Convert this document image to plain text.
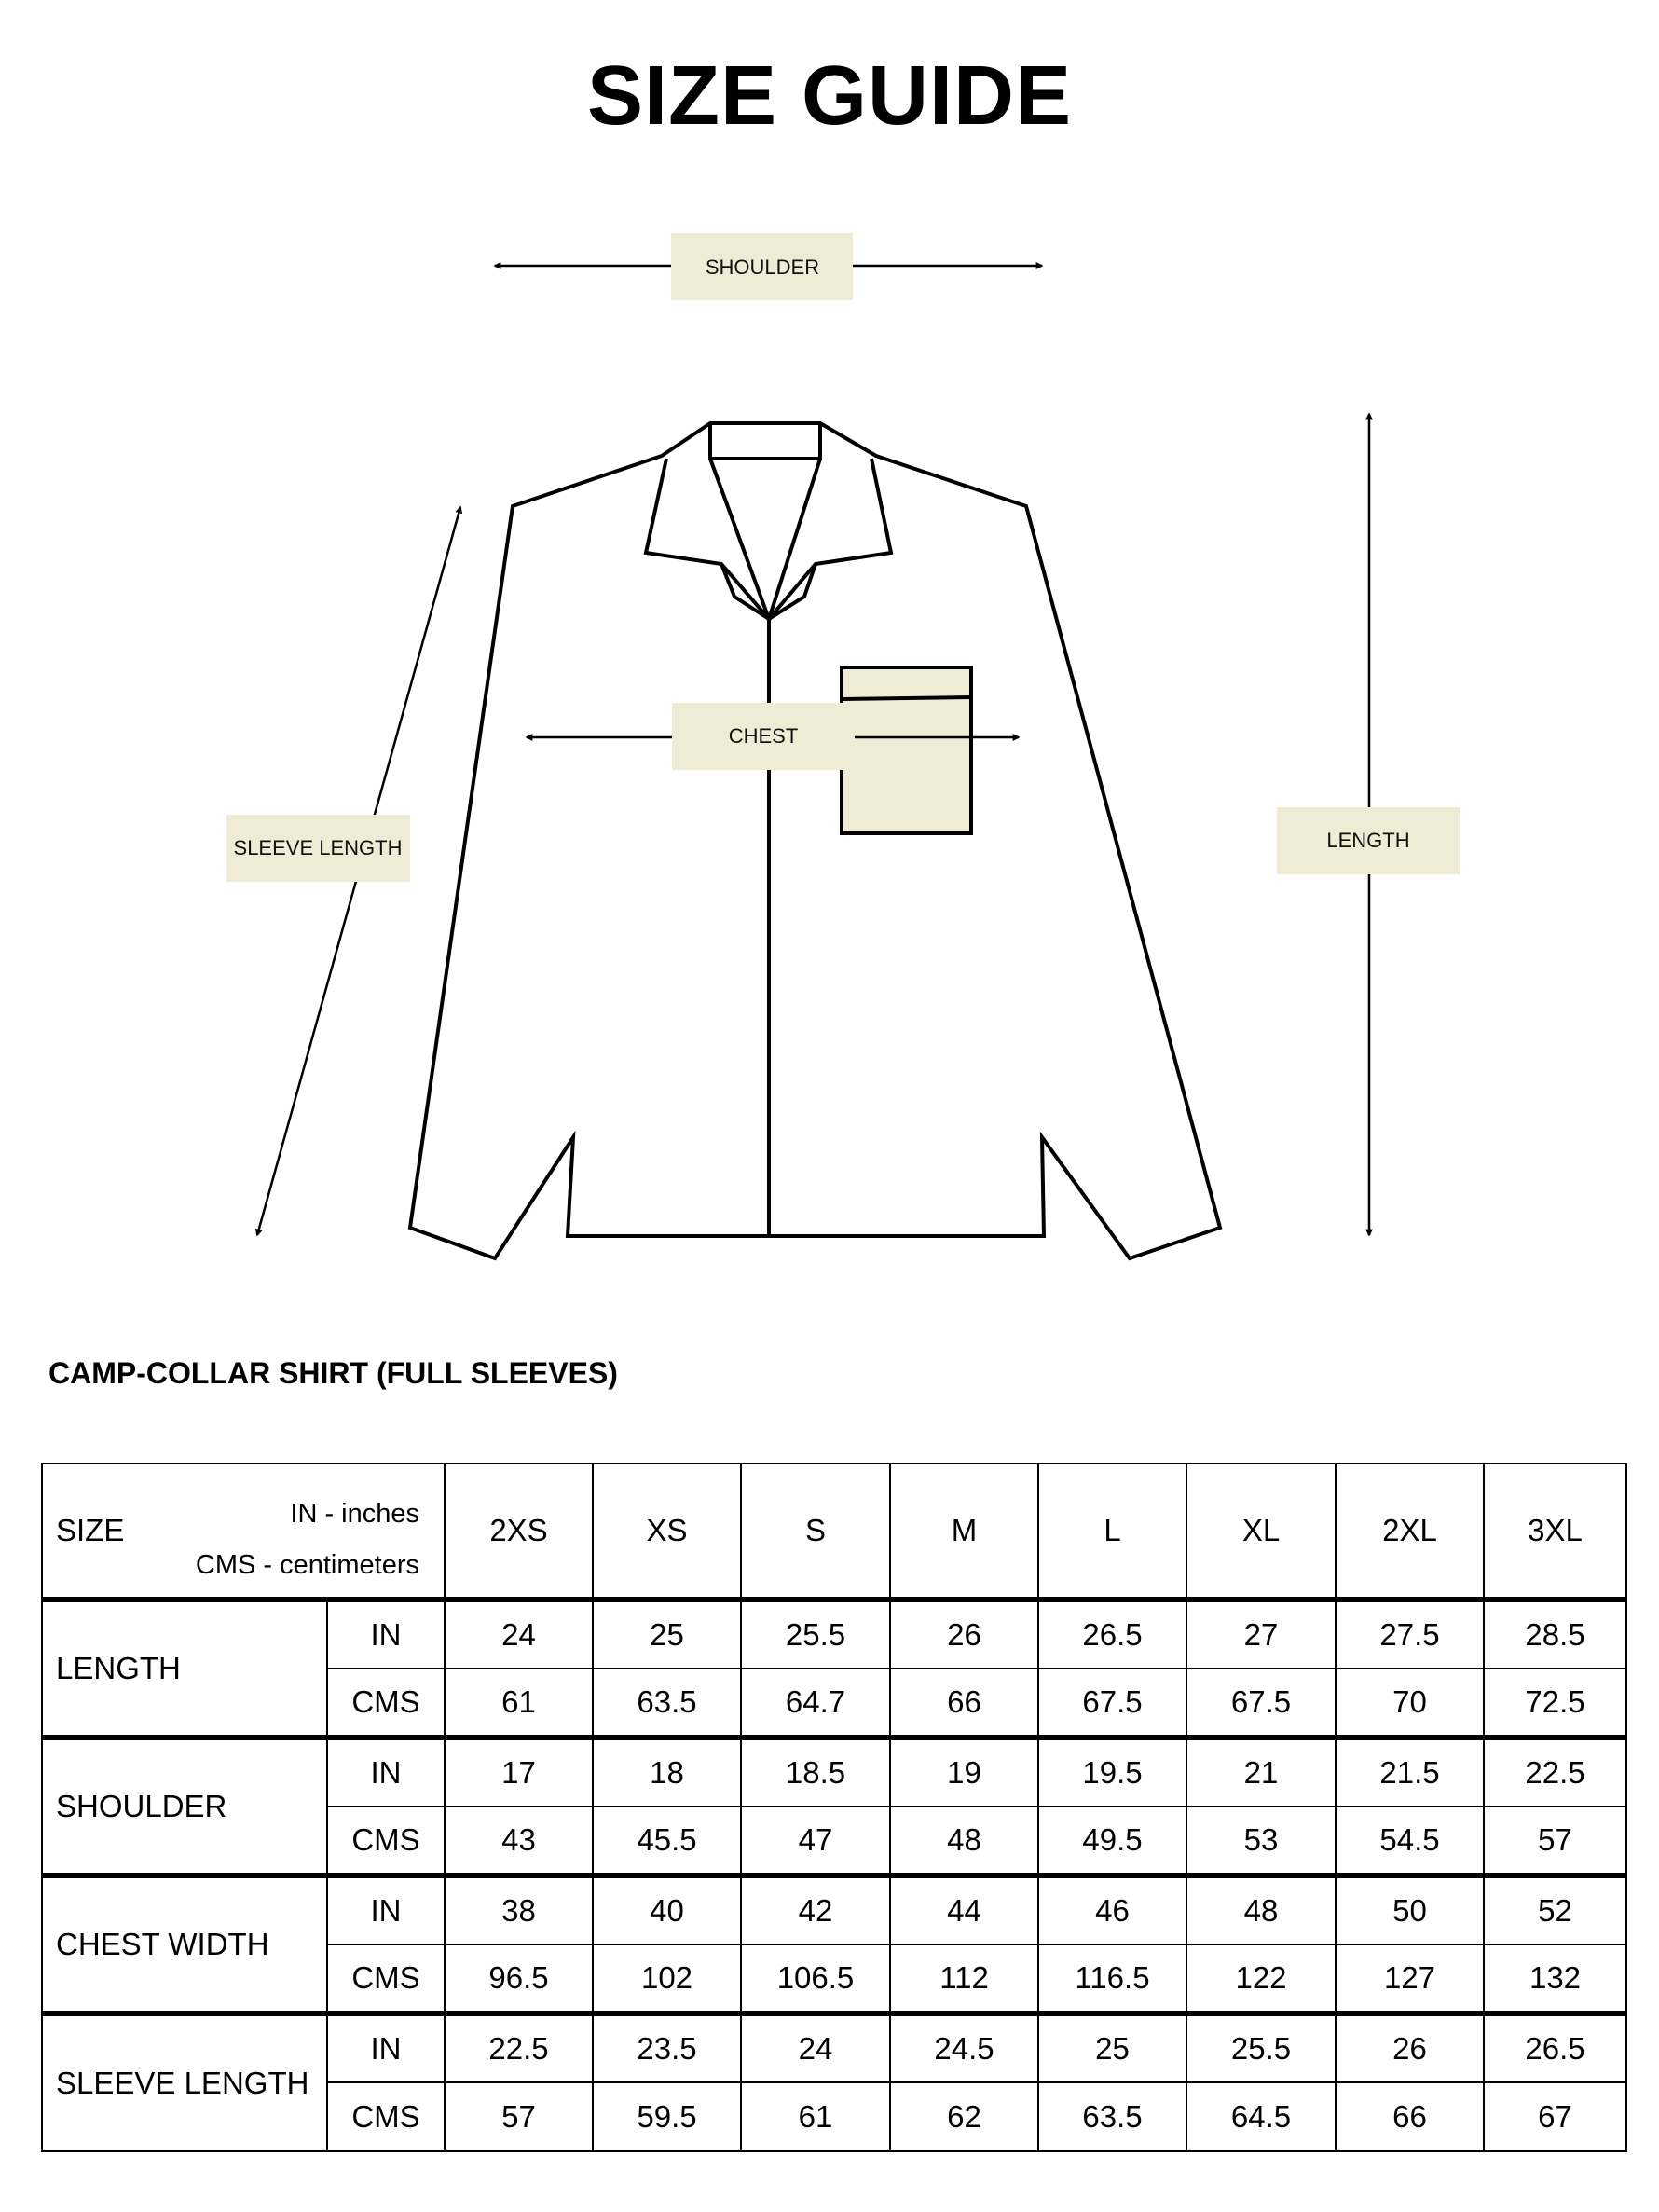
SIZE GUIDE
SHOULDER
CHEST
SLEEVE LENGTH	LENGTH
CAMP-COLLAR SHIRT (FULL SLEEVES)
SIZE IN - inches
CMS - centimeters		2XS	XS	S	M	L	XL	2XL	3XL
LENGTH	IN	24	25	25.5	26	26.5	27	27.5	28.5
	CMS	61	63.5	64.7	66	67.5	67.5	70	72.5
SHOULDER	IN	17	18	18.5	19	19.5	21	21.5	22.5
	CMS	43	45.5	47	48	49.5	53	54.5	57
CHEST WIDTH	IN	38	40	42	44	46	48	50	52
	CMS	96.5	102	106.5	112	116.5	122	127	132
SLEEVE LENGTH	IN	22.5	23.5	24	24.5	25	25.5	26	26.5
	CMS	57	59.5	61	62	63.5	64.5	66	67
